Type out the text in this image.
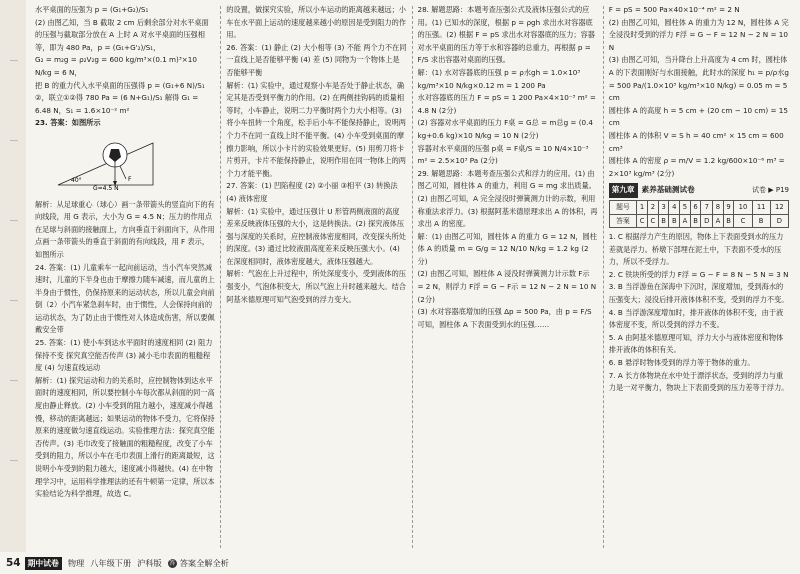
水平桌面的压强为 p = (G₁+G₂)/S₁

(2) 由图乙知，当 B 截取 2 cm 后剩余部分对水平桌面的压强与截取部分放在 A 上时 A 对水平桌面的压强相等，即为 480 Pa，p = (G₁+G'₂)/S₁，

G₂ = m₂g = ρ₂V₂g = 600 kg/m³×(0.1 m)³×10 N/kg = 6 N，

把 B 的重力代入水平桌面的压强得 p = (G₁+6 N)/S₁ ②，联立①②得 780 Pa = (6 N+G₁)/S₁ 解得 G₁ = 6.48 N，S₁ = 1.6×10⁻² m²

23. 答案：如图所示

40°
G=4.5 N
F

解析：从足球重心（球心）画一条带箭头的竖直向下的有向线段，用 G 表示，大小为 G = 4.5 N；压力的作用点在足球与斜面的接触面上，方向垂直于斜面向下，从作用点画一条带箭头的垂直于斜面的有向线段，用 F 表示，如图所示

24. 答案：(1) 儿童乘车一起向前运动，当小汽车突然减速时，儿童的下半身也由于摩擦力随车减速，而儿童的上半身由于惯性，仍保持原来的运动状态，所以儿童会向前倒（2）小汽车紧急刹车时，由于惯性，人会保持向前的运动状态，为了防止由于惯性对人体造成伤害，所以要佩戴安全带

25. 答案：(1) 使小车到达水平面时的速度相同 (2) 阻力 保持不变 探究真空能否传声 (3) 减小毛巾表面的粗糙程度 (4) 匀速直线运动

解析：(1) 探究运动和力的关系时，应控制物体到达水平面时的速度相同，所以要控制小车每次都从斜面的同一高度由静止释放。(2) 小车受到的阻力越小，速度减小得越慢，移动的距离越远；如果运动的物体不受力，它将保持原来的速度做匀速直线运动。实验推理方法：探究真空能否传声。(3) 毛巾改变了接触面的粗糙程度，改变了小车受到的阻力，所以小车在毛巾表面上滑行的距离最短，这说明小车受到的阻力越大，速度减小得越快。(4) 在中物理学习中，运用科学推理法的还有牛顿第一定律，所以本实验结论为科学推理，故选 C。

的设置，做探究实验，所以小车运动的距离越来越远；小车在水平面上运动的速度越来越小的原因是受到阻力的作用。

26. 答案：(1) 静止 (2) 大小相等 (3) 不能 两个力不在同一直线上是否能够平衡 (4) 差 (5) 同物为一个物体上是否能够平衡

解析：(1) 实验中，通过观察小车是否处于静止状态，确定其是否受到平衡力的作用。(2) 在两侧挂钩码的质量相等时，小车静止，说明二力平衡时两个力大小相等。(3) 将小车扭转一个角度，松手后小车不能保持静止，说明两个力不在同一直线上时不能平衡。(4) 小车受到桌面的摩擦力影响，所以小卡片的实验效果更好。(5) 用剪刀将卡片剪开，卡片不能保持静止，说明作用在同一物体上的两个力才能平衡。

27. 答案：(1) 凹陷程度 (2) ②小丽 ③相平 (3) 转换法 (4) 液体密度

解析：(1) 实验中，通过压强计 U 形管两侧液面的高度差来反映液体压强的大小，这是转换法。(2) 探究液体压强与深度的关系时，应控制液体密度相同，改变探头所处的深度。(3) 通过比较液面高度差来反映压强大小。(4) 在深度相同时，液体密度越大，液体压强越大。

解析：气泡在上升过程中，所处深度变小，受到液体的压强变小，气泡体积变大，所以气泡上升时越来越大。结合阿基米德原理可知气泡受到的浮力变大。

28. 解题思路：本题考查压强公式及液体压强公式的应用。(1) 已知水的深度，根据 p = ρgh 求出水对容器底的压强。(2) 根据 F = pS 求出水对容器底的压力；容器对水平桌面的压力等于水和容器的总重力，再根据 p = F/S 求出容器对桌面的压强。

解：(1) 水对容器底的压强 p = ρ水gh = 1.0×10³ kg/m³×10 N/kg×0.12 m = 1 200 Pa

水对容器底的压力 F = pS = 1 200 Pa×4×10⁻³ m² = 4.8 N (2分)

(2) 容器对水平桌面的压力 F桌 = G总 = m总g = (0.4 kg+0.6 kg)×10 N/kg = 10 N (2分)

容器对水平桌面的压强 p桌 = F桌/S = 10 N/4×10⁻³ m² = 2.5×10³ Pa (2分)

29. 解题思路：本题考查压强公式和浮力的应用。(1) 由图乙可知，圆柱体 A 的重力，利用 G = mg 求出质量。(2) 由图乙可知，A 完全浸没时弹簧测力计的示数，利用称重法求浮力。(3) 根据阿基米德原理求出 A 的体积，再求出 A 的密度。

解：(1) 由图乙可知，圆柱体 A 的重力 G = 12 N，圆柱体 A 的质量 m = G/g = 12 N/10 N/kg = 1.2 kg (2分)

(2) 由图乙可知，圆柱体 A 浸没时弹簧测力计示数 F示 = 2 N，则浮力 F浮 = G − F示 = 12 N − 2 N = 10 N (2分)

(3) 水对容器底增加的压强 Δp = 500 Pa，由 p = F/S 可知，圆柱体 A 下表面受到水的压强……

F = pS = 500 Pa×40×10⁻⁴ m² = 2 N

(2) 由图乙可知，圆柱体 A 的重力为 12 N，圆柱体 A 完全浸没时受到的浮力 F浮 = G − F = 12 N − 2 N = 10 N

(3) 由图乙可知，当升降台上升高度为 4 cm 时，圆柱体 A 的下表面刚好与水面接触，此时水的深度 h₁ = p/ρ水g = 500 Pa/(1.0×10³ kg/m³×10 N/kg) = 0.05 m = 5 cm

圆柱体 A 的高度 h = 5 cm + (20 cm − 10 cm) = 15 cm

圆柱体 A 的体积 V = S h = 40 cm² × 15 cm = 600 cm³

圆柱体 A 的密度 ρ = m/V = 1.2 kg/600×10⁻⁶ m³ = 2×10³ kg/m³ (2分)

第九章 素养基础测试卷	试卷 ▶ P19
题号	1	2	3	4	5	6	7	8	9	10	11	12
答案	C	C	B	B	A	B	D	A	B	C	B	D

1. C 根据浮力产生的原因，物体上下表面受到水的压力差就是浮力。桥墩下部埋在泥土中，下表面不受水的压力，所以不受浮力。

2. C 铁块所受的浮力 F浮 = G − F = 8 N − 5 N = 3 N

3. B 当浮游鱼在深海中下沉时，深度增加，受到海水的压强变大；浸没后排开液体体积不变，受到的浮力不变。

4. B 当浮游深度增加时，排开液体的体积不变，由于液体密度不变，所以受到的浮力不变。

5. A 由阿基米德原理可知，浮力大小与液体密度和物体排开液体的体积有关。

6. B 悬浮时物体受到的浮力等于物体的重力。

7. A 长方体物块在水中处于漂浮状态，受到的浮力与重力是一对平衡力，物块上下表面受到的压力差等于浮力。

54 期中试卷	物理 八年级下册 沪科版 答 答案全解全析
